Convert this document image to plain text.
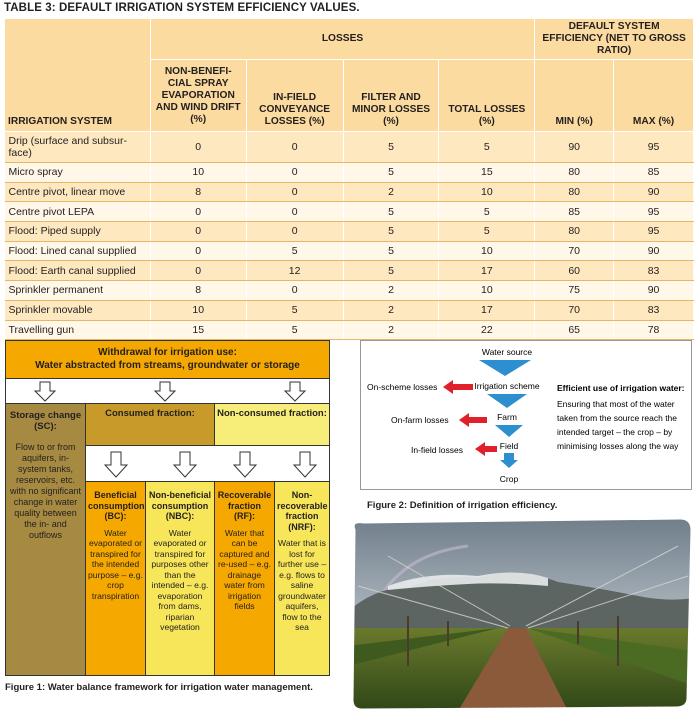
TABLE 3: DEFAULT IRRIGATION SYSTEM EFFICIENCY VALUES.
IRRIGATION SYSTEM	LOSSES				DEFAULT SYSTEM EFFICIENCY (NET TO GROSS RATIO)	
	NON-BENEFI-CIAL SPRAY EVAPORATION AND WIND DRIFT (%)	IN-FIELD CONVEYANCE LOSSES (%)	FILTER AND MINOR LOSSES (%)	TOTAL LOSSES (%)	MIN (%)	MAX (%)
Drip (surface and subsur-face)	0	0	5	5	90	95
Micro spray	10	0	5	15	80	85
Centre pivot, linear move	8	0	2	10	80	90
Centre pivot LEPA	0	0	5	5	85	95
Flood: Piped supply	0	0	5	5	80	95
Flood: Lined canal supplied	0	5	5	10	70	90
Flood: Earth canal supplied	0	12	5	17	60	83
Sprinkler permanent	8	0	2	10	75	90
Sprinkler movable	10	5	2	17	70	83
Travelling gun	15	5	2	22	65	78
Withdrawal for irrigation use:
Water abstracted from streams, groundwater or storage
Storage change (SC):
Flow to or from aquifers, in-system tanks, reservoirs, etc. with no significant change in water quality between the in- and outflows
Consumed fraction:	Non-consumed fraction:
Beneficial consumption (BC):
Water evaporated or transpired for the intended purpose – e.g. crop transpiration
Non-beneficial consumption (NBC):
Water evaporated or transpired for purposes other than the intended – e.g. evaporation from dams, riparian vegetation
Recoverable fraction (RF):
Water that can be captured and re-used – e.g. drainage water from irrigation fields
Non-recoverable fraction (NRF):
Water that is lost for further use – e.g. flows to saline groundwater aquifers, flow to the sea
Figure 1: Water balance framework for irrigation water management.
Water source
Irrigation scheme
Farm
Field
Crop
On-scheme losses
On-farm losses
In-field losses
Efficient use of irrigation water:
Ensuring that most of the water
taken from the source reach the
intended target – the crop – by
minimising losses along the way
Figure 2: Definition of irrigation efficiency.
